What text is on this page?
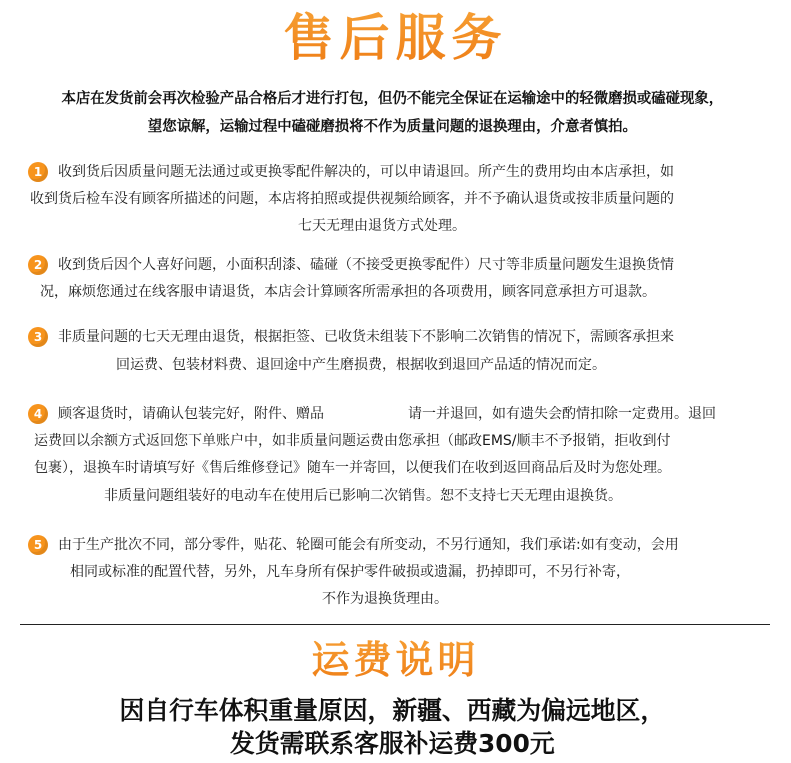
售后服务
本店在发货前会再次检验产品合格后才进行打包，但仍不能完全保证在运输途中的轻微磨损或磕碰现象，
望您谅解，运输过程中磕碰磨损将不作为质量问题的退换理由，介意者慎拍。
1	收到货后因质量问题无法通过或更换零配件解决的，可以申请退回。所产生的费用均由本店承担，如
收到货后检车没有顾客所描述的问题，本店将拍照或提供视频给顾客，并不予确认退货或按非质量问题的
七天无理由退货方式处理。
2	收到货后因个人喜好问题，小面积刮漆、磕碰（不接受更换零配件）尺寸等非质量问题发生退换货情
况，麻烦您通过在线客服申请退货，本店会计算顾客所需承担的各项费用，顾客同意承担方可退款。
3	非质量问题的七天无理由退货，根据拒签、已收货未组装下不影响二次销售的情况下，需顾客承担来
回运费、包装材料费、退回途中产生磨损费，根据收到退回产品适的情况而定。
4	顾客退货时，请确认包装完好，附件、赠品	请一并退回，如有遗失会酌情扣除一定费用。退回
运费回以余额方式返回您下单账户中，如非质量问题运费由您承担（邮政EMS/顺丰不予报销，拒收到付
包裹），退换车时请填写好《售后维修登记》随车一并寄回，以便我们在收到返回商品后及时为您处理。
非质量问题组装好的电动车在使用后已影响二次销售。恕不支持七天无理由退换货。
5	由于生产批次不同，部分零件，贴花、轮圈可能会有所变动，不另行通知，我们承诺:如有变动，会用
相同或标准的配置代替，另外，凡车身所有保护零件破损或遗漏，扔掉即可，不另行补寄，
不作为退换货理由。
运费说明
因自行车体积重量原因，新疆、西藏为偏远地区，
发货需联系客服补运费300元
